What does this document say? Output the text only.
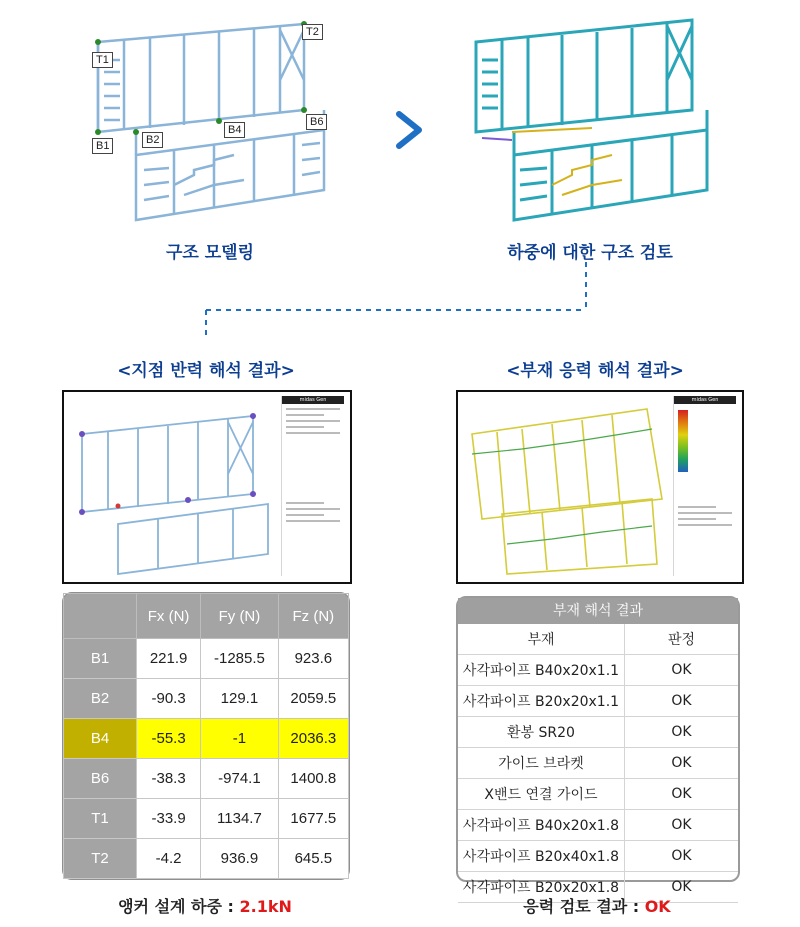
T1
T2
B1	B2
B4
B6
구조 모델링	하중에 대한 구조 검토
<지점 반력 해석 결과>	<부재 응력 해석 결과>
midas Gen	midas Gen
	Fx (N)	Fy (N)	Fz (N)
B1	221.9	-1285.5	923.6
B2	-90.3	129.1	2059.5
B4	-55.3	-1	2036.3
B6	-38.3	-974.1	1400.8
T1	-33.9	1134.7	1677.5
T2	-4.2	936.9	645.5
부재 해석 결과
부재	판정
사각파이프 B40x20x1.1	OK
사각파이프 B20x20x1.1	OK
환봉 SR20	OK
가이드 브라켓	OK
X밴드 연결 가이드	OK
사각파이프 B40x20x1.8	OK
사각파이프 B20x40x1.8	OK
사각파이프 B20x20x1.8	OK
앵커 설계 하중 : 2.1kN	응력 검토 결과 : OK
